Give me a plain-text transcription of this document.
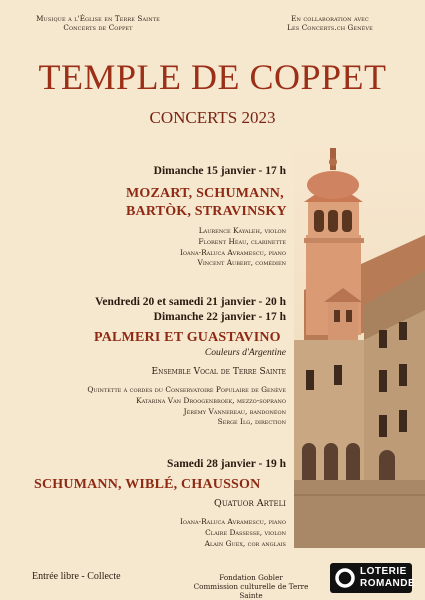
Musique a l'Église en Terre Sainte
Concerts de Coppet
En collaboration avec
Les Concerts.ch Genève
TEMPLE DE COPPET
CONCERTS 2023
Dimanche 15 janvier - 17 h
MOZART, SCHUMANN,
BARTÒK, STRAVINSKY
Laurence Kayaleh, violon
Florent Héau, clarinette
Ioana-Raluca Avramescu, piano
Vincent Aubert, comédien
Vendredi 20 et samedi 21 janvier - 20 h
Dimanche 22 janvier - 17 h
PALMERI ET GUASTAVINO
Couleurs d'Argentine
Ensemble Vocal de Terre Sainte
Quintette à cordes du Conservatoire Populaire de Genève
Katarina Van Droogenbroek, mezzo-soprano
Jérémy Vannereau, bandonéon
Serge Ilg, direction
Samedi 28 janvier - 19 h
SCHUMANN, WIBLÉ, CHAUSSON
Quatuor Arteli
Ioana-Raluca Avramescu, piano
Claire Dassesse, violon
Alain Guex, cor anglais
Entrée libre - Collecte	Fondation Gobler
Commission culturelle de Terre Sainte
LOTERIE
ROMANDE
